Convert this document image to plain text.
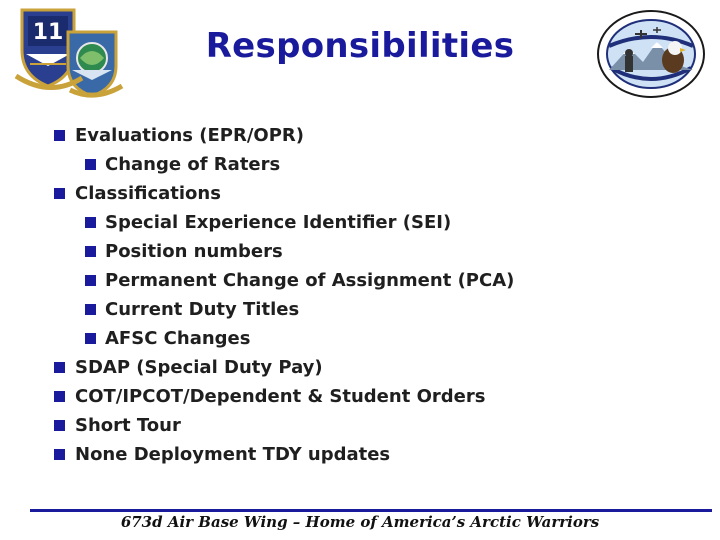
11	Responsibilities
Evaluations (EPR/OPR)
Change of Raters
Classifications
Special Experience Identifier (SEI)
Position numbers
Permanent Change of Assignment (PCA)
Current Duty Titles
AFSC Changes
SDAP (Special Duty Pay)
COT/IPCOT/Dependent & Student Orders
Short Tour
None Deployment TDY updates
673d Air Base Wing – Home of America’s Arctic Warriors
